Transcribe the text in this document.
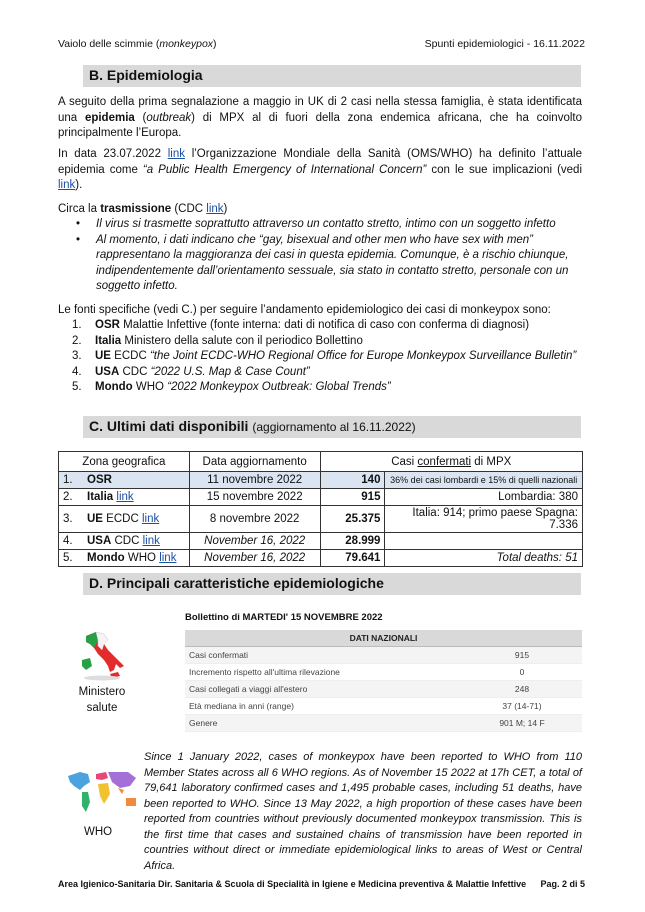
Vaiolo delle scimmie (monkeypox)	Spunti epidemiologici - 16.11.2022
B. Epidemiologia
A seguito della prima segnalazione a maggio in UK di 2 casi nella stessa famiglia, è stata identificata una epidemia (outbreak) di MPX al di fuori della zona endemica africana, che ha coinvolto principalmente l’Europa.
In data 23.07.2022 link l’Organizzazione Mondiale della Sanità (OMS/WHO) ha definito l’attuale epidemia come “a Public Health Emergency of International Concern” con le sue implicazioni (vedi link).
Circa la trasmissione (CDC link)
• Il virus si trasmette soprattutto attraverso un contatto stretto, intimo con un soggetto infetto
• Al momento, i dati indicano che “gay, bisexual and other men who have sex with men” rappresentano la maggioranza dei casi in questa epidemia. Comunque, è a rischio chiunque, indipendentemente dall’orientamento sessuale, sia stato in contatto stretto, personale con un soggetto infetto.
Le fonti specifiche (vedi C.) per seguire l’andamento epidemiologico dei casi di monkeypox sono:
1.	OSR Malattie Infettive (fonte interna: dati di notifica di caso con conferma di diagnosi)
2.	Italia Ministero della salute con il periodico Bollettino
3.	UE ECDC “the Joint ECDC-WHO Regional Office for Europe Monkeypox Surveillance Bulletin”
4.	USA CDC “2022 U.S. Map & Case Count”
5.	Mondo WHO “2022 Monkeypox Outbreak: Global Trends”
C. Ultimi dati disponibili (aggiornamento al 16.11.2022)
Zona geografica	Data aggiornamento	Casi confermati di MPX	
1. OSR	11 novembre 2022	140	36% dei casi lombardi e 15% di quelli nazionali
2. Italia link	15 novembre 2022	915	Lombardia: 380
3. UE ECDC link	8 novembre 2022	25.375	Italia: 914; primo paese Spagna: 7.336
4. USA CDC link	November 16, 2022	28.999	
5. Mondo WHO link	November 16, 2022	79.641	Total deaths: 51
D. Principali caratteristiche epidemiologiche
Ministero
salute
Bollettino di MARTEDI' 15 NOVEMBRE 2022
DATI NAZIONALI	
Casi confermati	915
Incremento rispetto all'ultima rilevazione	0
Casi collegati a viaggi all'estero	248
Età mediana in anni (range)	37 (14-71)
Genere	901 M; 14 F
WHO
Since 1 January 2022, cases of monkeypox have been reported to WHO from 110 Member States across all 6 WHO regions. As of November 15 2022 at 17h CET, a total of 79,641 laboratory confirmed cases and 1,495 probable cases, including 51 deaths, have been reported to WHO. Since 13 May 2022, a high proportion of these cases have been reported from countries without previously documented monkeypox transmission. This is the first time that cases and sustained chains of transmission have been reported in countries without direct or immediate epidemiological links to areas of West or Central Africa.
Area Igienico-Sanitaria Dir. Sanitaria & Scuola di Specialità in Igiene e Medicina preventiva & Malattie Infettive Pag. 2 di 5
